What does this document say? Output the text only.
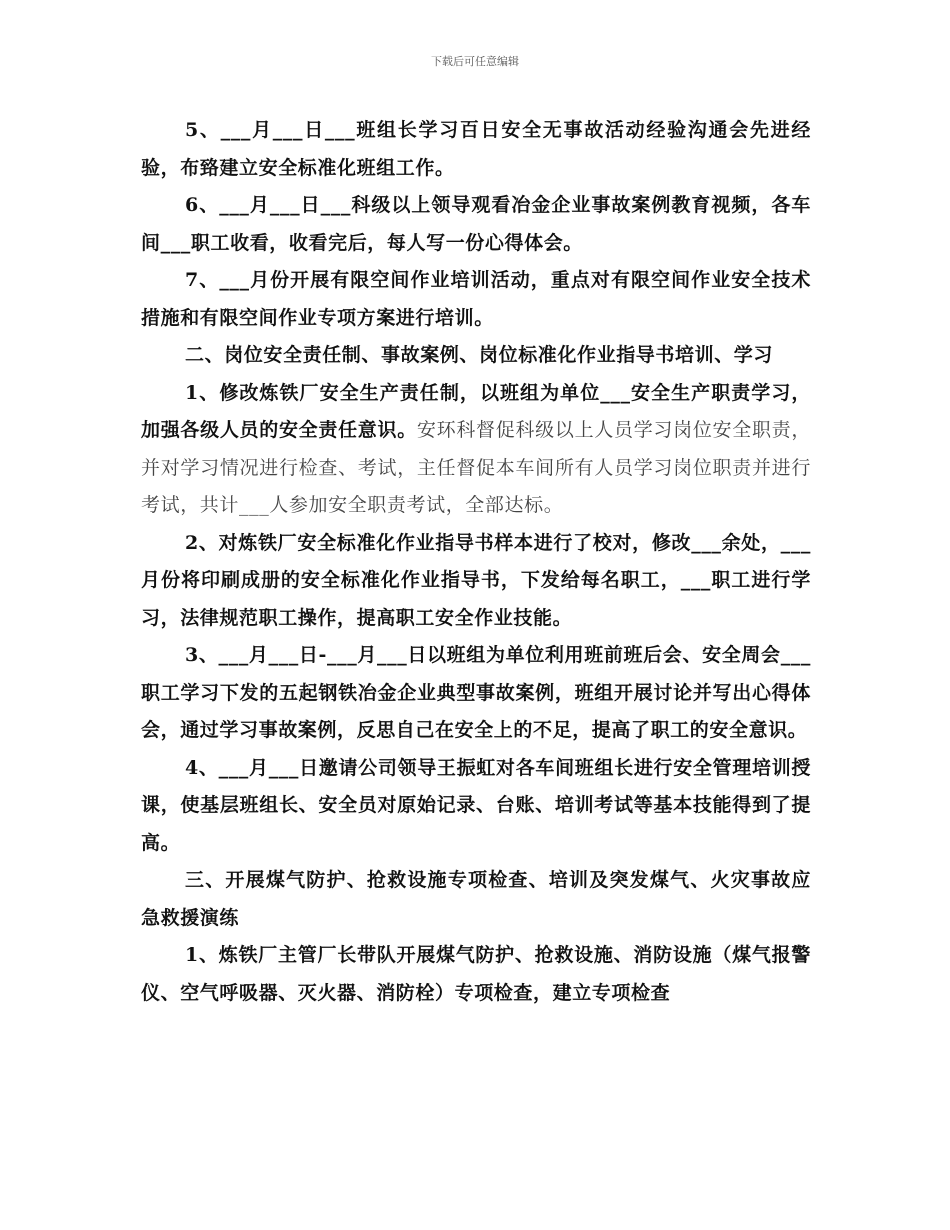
下载后可任意编辑

5、___月___日___班组长学习百日安全无事故活动经验沟通会先进经验，布臵建立安全标准化班组工作。

6、___月___日___科级以上领导观看冶金企业事故案例教育视频，各车间___职工收看，收看完后，每人写一份心得体会。

7、___月份开展有限空间作业培训活动，重点对有限空间作业安全技术措施和有限空间作业专项方案进行培训。

二、岗位安全责任制、事故案例、岗位标准化作业指导书培训、学习

1、修改炼铁厂安全生产责任制，以班组为单位___安全生产职责学习，加强各级人员的安全责任意识。安环科督促科级以上人员学习岗位安全职责，并对学习情况进行检查、考试，主任督促本车间所有人员学习岗位职责并进行考试，共计___人参加安全职责考试，全部达标。

2、对炼铁厂安全标准化作业指导书样本进行了校对，修改___余处，___月份将印刷成册的安全标准化作业指导书，下发给每名职工，___职工进行学习，法律规范职工操作，提高职工安全作业技能。

3、___月___日-___月___日以班组为单位利用班前班后会、安全周会___职工学习下发的五起钢铁冶金企业典型事故案例，班组开展讨论并写出心得体会，通过学习事故案例，反思自己在安全上的不足，提高了职工的安全意识。

4、___月___日邀请公司领导王振虹对各车间班组长进行安全管理培训授课，使基层班组长、安全员对原始记录、台账、培训考试等基本技能得到了提高。

三、开展煤气防护、抢救设施专项检查、培训及突发煤气、火灾事故应急救援演练

1、炼铁厂主管厂长带队开展煤气防护、抢救设施、消防设施（煤气报警仪、空气呼吸器、灭火器、消防栓）专项检查，建立专项检查
